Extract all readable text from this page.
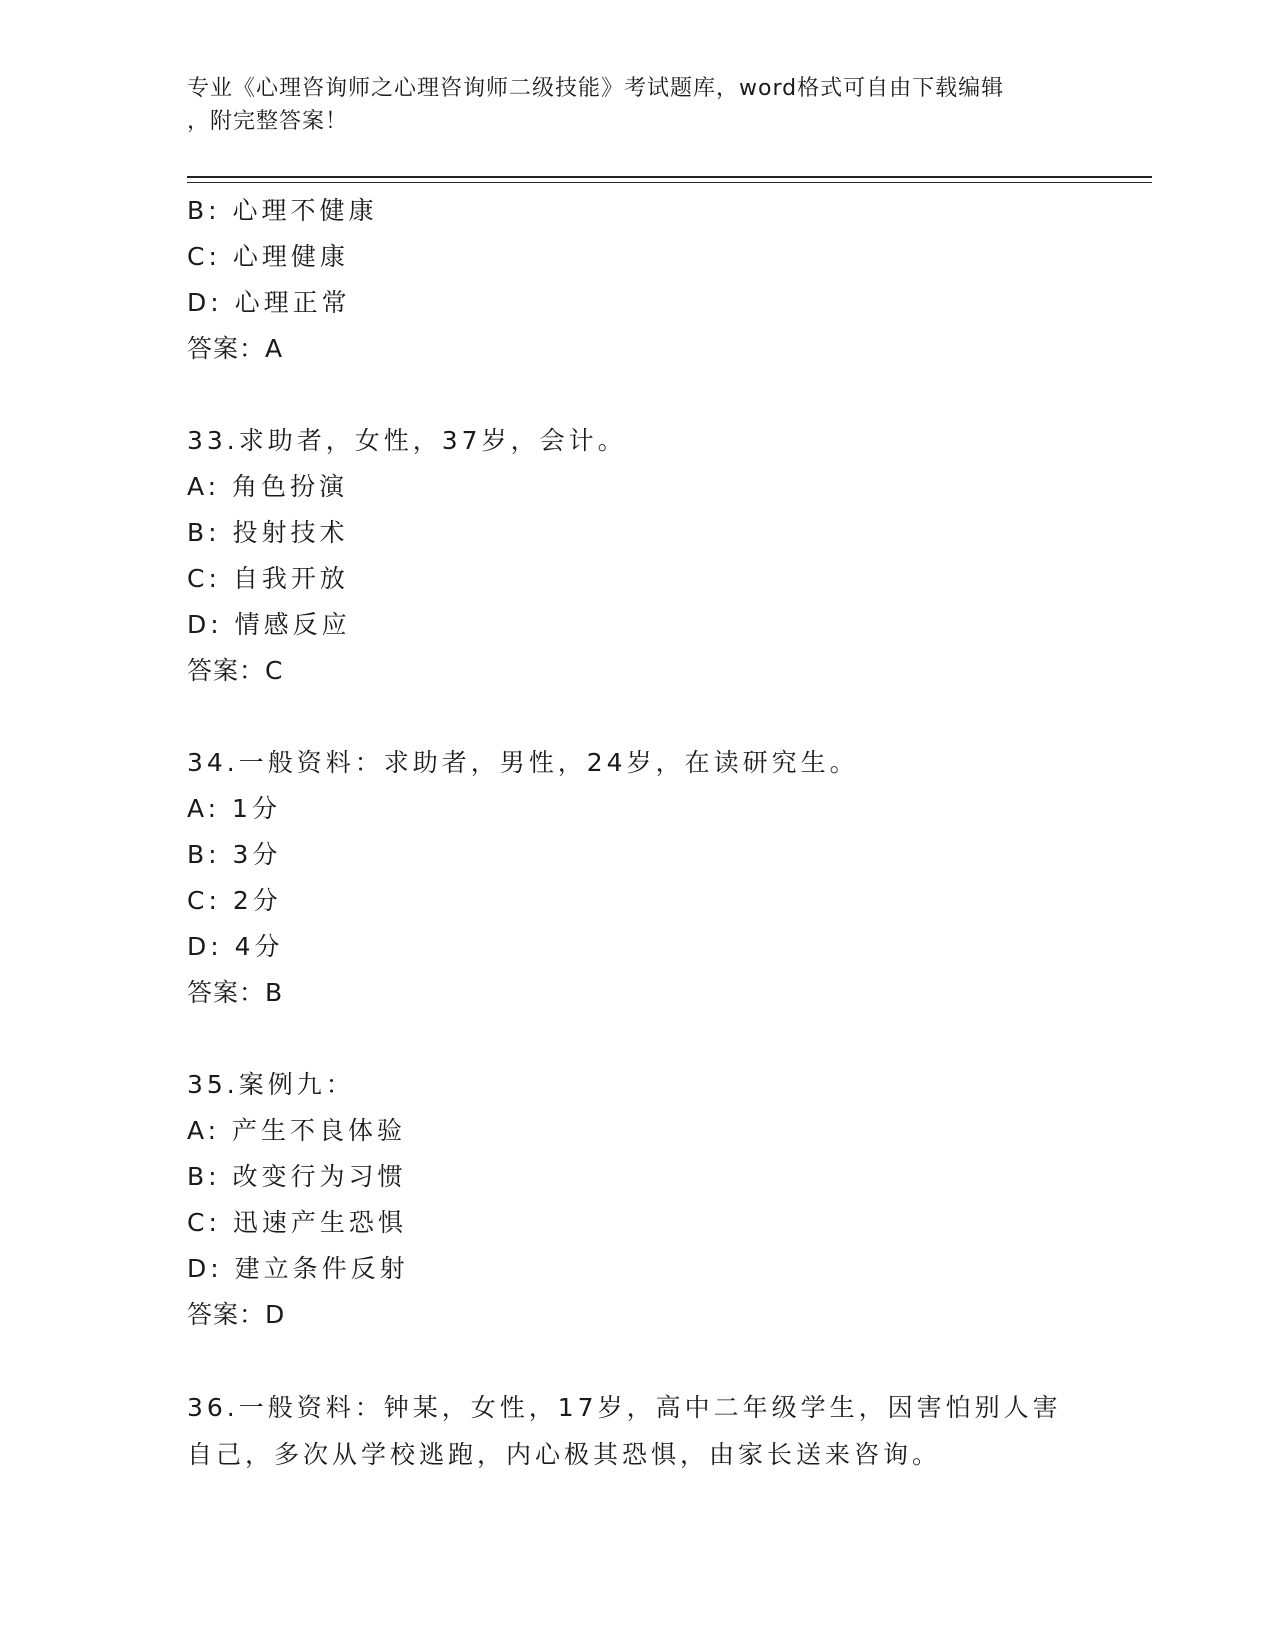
专业《心理咨询师之心理咨询师二级技能》考试题库，word格式可自由下载编辑
，附完整答案！
B: 心理不健康
C: 心理健康
D: 心理正常
答案：A
33.求助者，女性，37岁，会计。
A: 角色扮演
B: 投射技术
C: 自我开放
D: 情感反应
答案：C
34.一般资料：求助者，男性，24岁，在读研究生。
A: 1分
B: 3分
C: 2分
D: 4分
答案：B
35.案例九：
A: 产生不良体验
B: 改变行为习惯
C: 迅速产生恐惧
D: 建立条件反射
答案：D
36.一般资料：钟某，女性，17岁，高中二年级学生，因害怕别人害自己，多次从学校逃跑，内心极其恐惧，由家长送来咨询。
